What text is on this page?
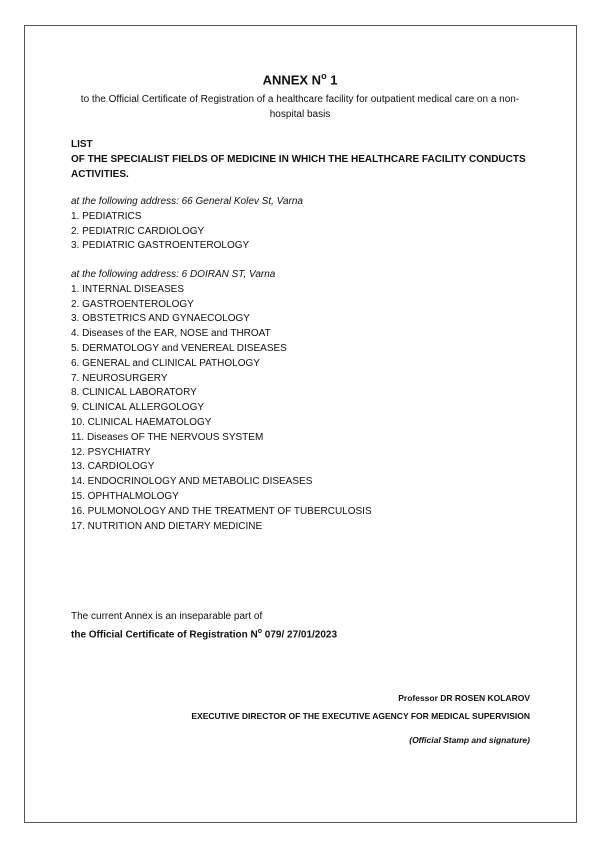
ANNEX $N^o$ 1
to the Official Certificate of Registration of a healthcare facility for outpatient medical care on a non-hospital basis
LIST
OF THE SPECIALIST FIELDS OF MEDICINE IN WHICH THE HEALTHCARE FACILITY CONDUCTS ACTIVITIES.
at the following address: 66 General Kolev St, Varna
1. PEDIATRICS
2. PEDIATRIC CARDIOLOGY
3. PEDIATRIC GASTROENTEROLOGY
at the following address: 6 DOIRAN ST, Varna
1. INTERNAL DISEASES
2. GASTROENTEROLOGY
3. OBSTETRICS AND GYNAECOLOGY
4. Diseases of the EAR, NOSE and THROAT
5. DERMATOLOGY and VENEREAL DISEASES
6. GENERAL and CLINICAL PATHOLOGY
7. NEUROSURGERY
8. CLINICAL LABORATORY
9. CLINICAL ALLERGOLOGY
10. CLINICAL HAEMATOLOGY
11. Diseases OF THE NERVOUS SYSTEM
12. PSYCHIATRY
13. CARDIOLOGY
14. ENDOCRINOLOGY AND METABOLIC DISEASES
15. OPHTHALMOLOGY
16. PULMONOLOGY AND THE TREATMENT OF TUBERCULOSIS
17. NUTRITION AND DIETARY MEDICINE
The current Annex is an inseparable part of
the Official Certificate of Registration $N^o$ 079/ 27/01/2023
Professor DR ROSEN KOLAROV
EXECUTIVE DIRECTOR OF THE EXECUTIVE AGENCY FOR MEDICAL SUPERVISION
(Official Stamp and signature)
